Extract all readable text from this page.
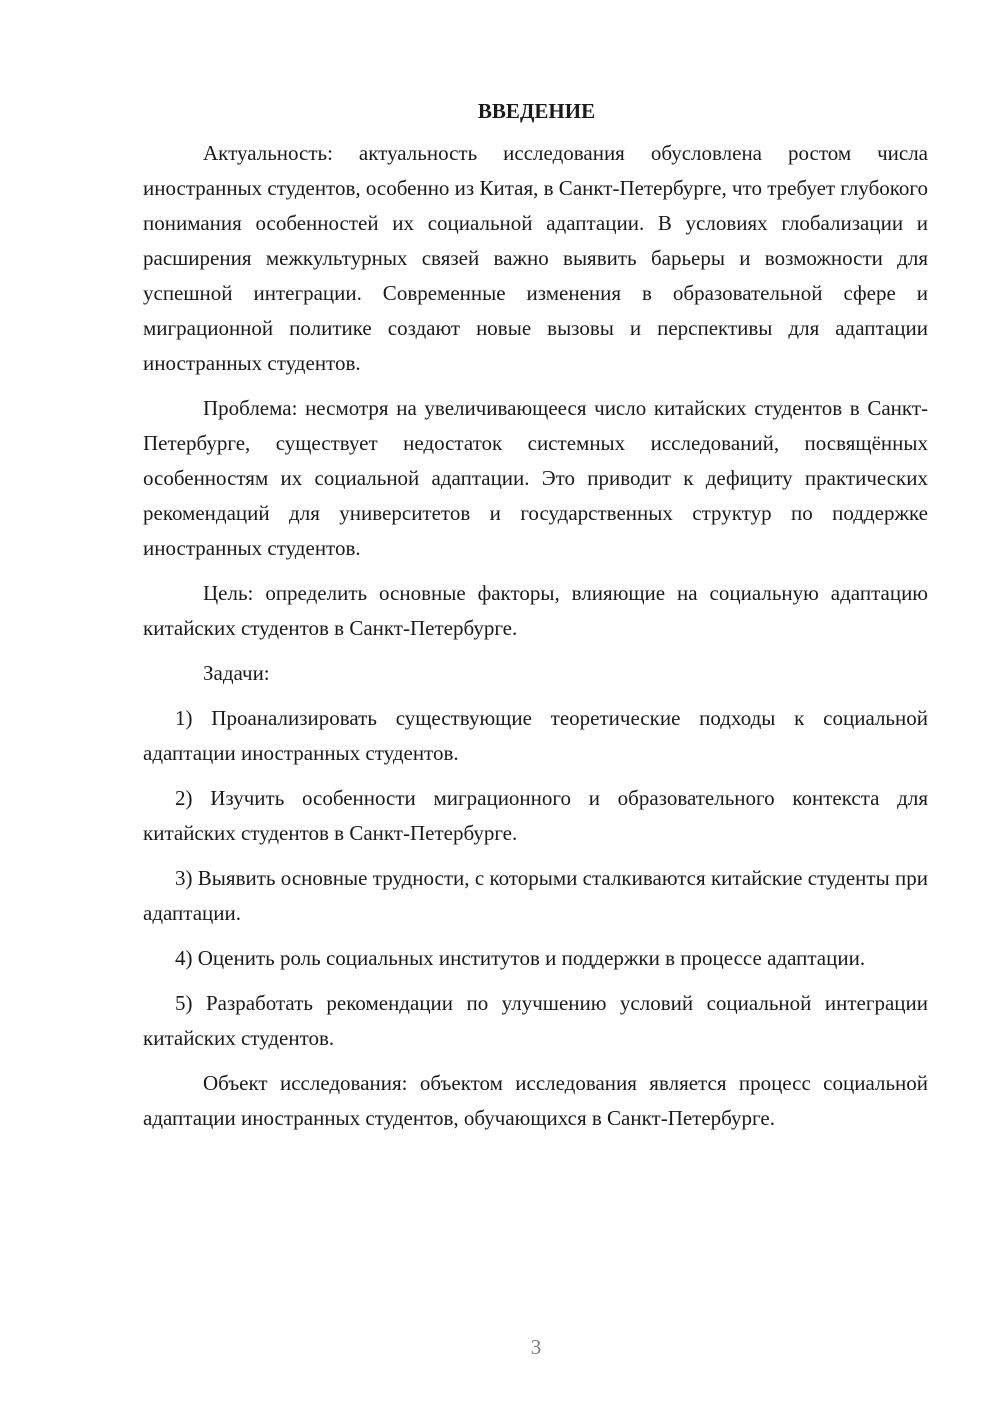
ВВЕДЕНИЕ

Актуальность: актуальность исследования обусловлена ростом числа иностранных студентов, особенно из Китая, в Санкт-Петербурге, что требует глубокого понимания особенностей их социальной адаптации. В условиях глобализации и расширения межкультурных связей важно выявить барьеры и возможности для успешной интеграции. Современные изменения в образовательной сфере и миграционной политике создают новые вызовы и перспективы для адаптации иностранных студентов.

Проблема: несмотря на увеличивающееся число китайских студентов в Санкт-Петербурге, существует недостаток системных исследований, посвящённых особенностям их социальной адаптации. Это приводит к дефициту практических рекомендаций для университетов и государственных структур по поддержке иностранных студентов.

Цель: определить основные факторы, влияющие на социальную адаптацию китайских студентов в Санкт-Петербурге.

Задачи:

1) Проанализировать существующие теоретические подходы к социальной адаптации иностранных студентов.
2) Изучить особенности миграционного и образовательного контекста для китайских студентов в Санкт-Петербурге.
3) Выявить основные трудности, с которыми сталкиваются китайские студенты при адаптации.
4) Оценить роль социальных институтов и поддержки в процессе адаптации.
5) Разработать рекомендации по улучшению условий социальной интеграции китайских студентов.

Объект исследования: объектом исследования является процесс социальной адаптации иностранных студентов, обучающихся в Санкт-Петербурге.

3
